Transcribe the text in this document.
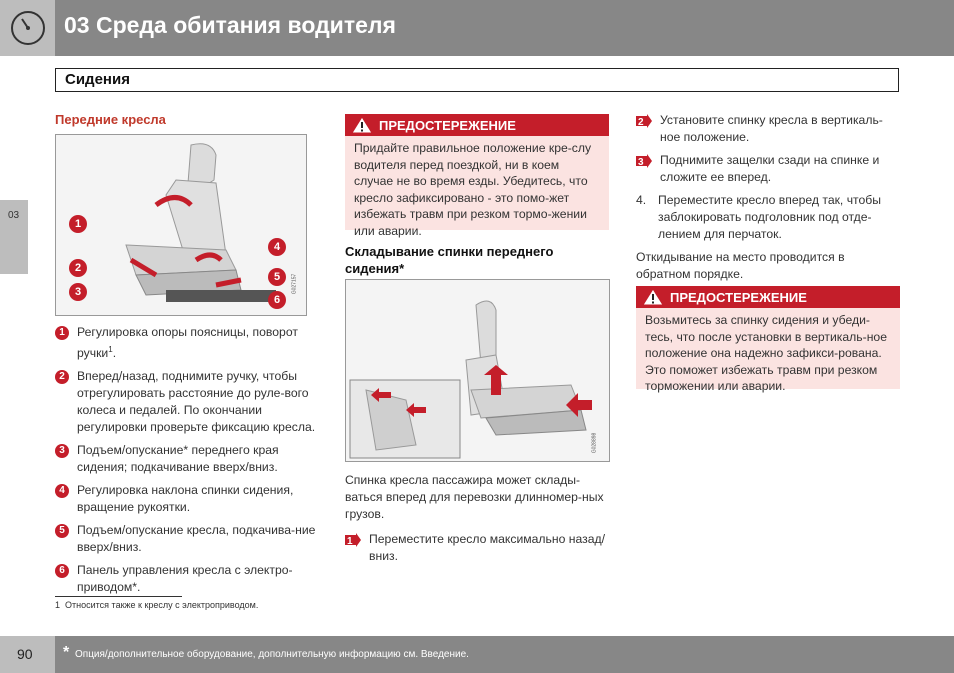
03 Среда обитания водителя
Сидения
03
Передние кресла
1
2
3
4
5
6
G027157
1	Регулировка опоры поясницы, поворот ручки$^1$.
2	Вперед/назад, поднимите ручку, чтобы отрегулировать расстояние до руле-вого колеса и педалей. По окончании регулировки проверьте фиксацию кресла.
3	Подъем/опускание* переднего края сидения; подкачивание вверх/вниз.
4	Регулировка наклона спинки сидения, вращение рукоятки.
5	Подъем/опускание кресла, подкачива-ние вверх/вниз.
6	Панель управления кресла с электро-приводом*.
ПРЕДОСТЕРЕЖЕНИЕ
Придайте правильное положение кре-слу водителя перед поездкой, ни в коем случае не во время езды. Убедитесь, что кресло зафиксировано - это помо-жет избежать травм при резком тормо-жении или аварии.
Складывание спинки переднего сидения*
G028898
Спинка кресла пассажира может склады-ваться вперед для перевозки длинномер-ных грузов.
1 Переместите кресло максимально назад/вниз.
2 Установите спинку кресла в вертикаль-ное положение.
3 Поднимите защелки сзади на спинке и сложите ее вперед.
4. Переместите кресло вперед так, чтобы заблокировать подголовник под отде-лением для перчаток.
Откидывание на место проводится в обратном порядке.
ПРЕДОСТЕРЕЖЕНИЕ
Возьмитесь за спинку сидения и убеди-тесь, что после установки в вертикаль-ное положение она надежно зафикси-рована. Это поможет избежать травм при резком торможении или аварии.
1 Относится также к креслу с электроприводом.
90 * Опция/дополнительное оборудование, дополнительную информацию см. Введение.
